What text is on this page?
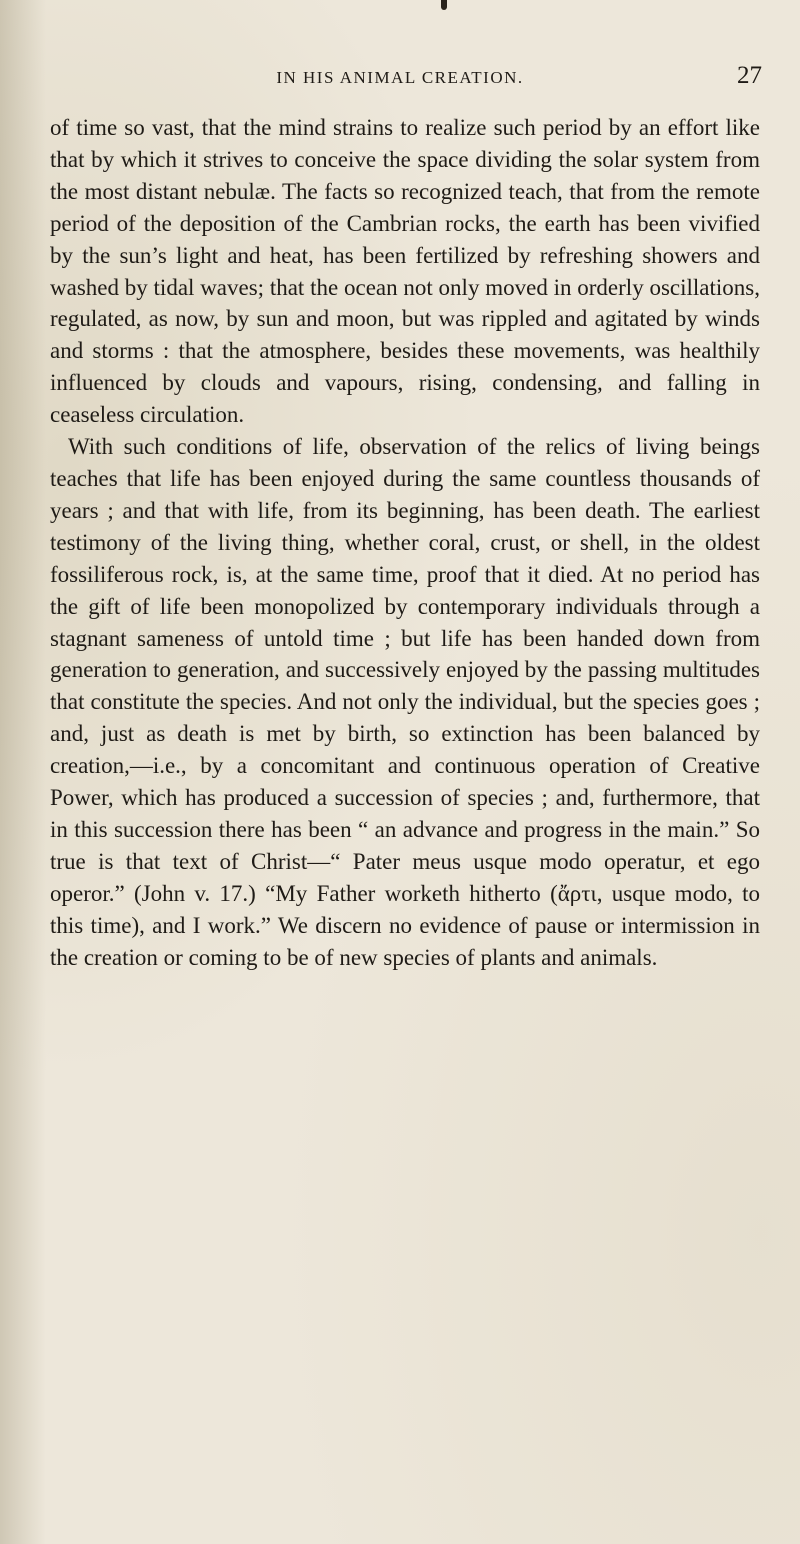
IN HIS ANIMAL CREATION.	27

of time so vast, that the mind strains to realize such period by an effort like that by which it strives to conceive the space dividing the solar system from the most distant nebulæ. The facts so recognized teach, that from the remote period of the deposition of the Cambrian rocks, the earth has been vivified by the sun’s light and heat, has been fertilized by refreshing showers and washed by tidal waves; that the ocean not only moved in orderly oscillations, regulated, as now, by sun and moon, but was rippled and agitated by winds and storms : that the atmosphere, besides these movements, was healthily influenced by clouds and vapours, rising, condensing, and falling in ceaseless circulation.

With such conditions of life, observation of the relics of living beings teaches that life has been enjoyed during the same countless thousands of years ; and that with life, from its beginning, has been death. The earliest testimony of the living thing, whether coral, crust, or shell, in the oldest fossiliferous rock, is, at the same time, proof that it died. At no period has the gift of life been monopolized by contemporary individuals through a stagnant sameness of untold time ; but life has been handed down from generation to generation, and successively enjoyed by the passing multitudes that constitute the species. And not only the individual, but the species goes ; and, just as death is met by birth, so extinction has been balanced by creation,—i.e., by a concomitant and continuous operation of Creative Power, which has produced a succession of species ; and, furthermore, that in this succession there has been “ an advance and progress in the main.” So true is that text of Christ—“ Pater meus usque modo operatur, et ego operor.” (John v. 17.) “My Father worketh hitherto (ἄρτι, usque modo, to this time), and I work.” We discern no evidence of pause or intermission in the creation or coming to be of new species of plants and animals.
